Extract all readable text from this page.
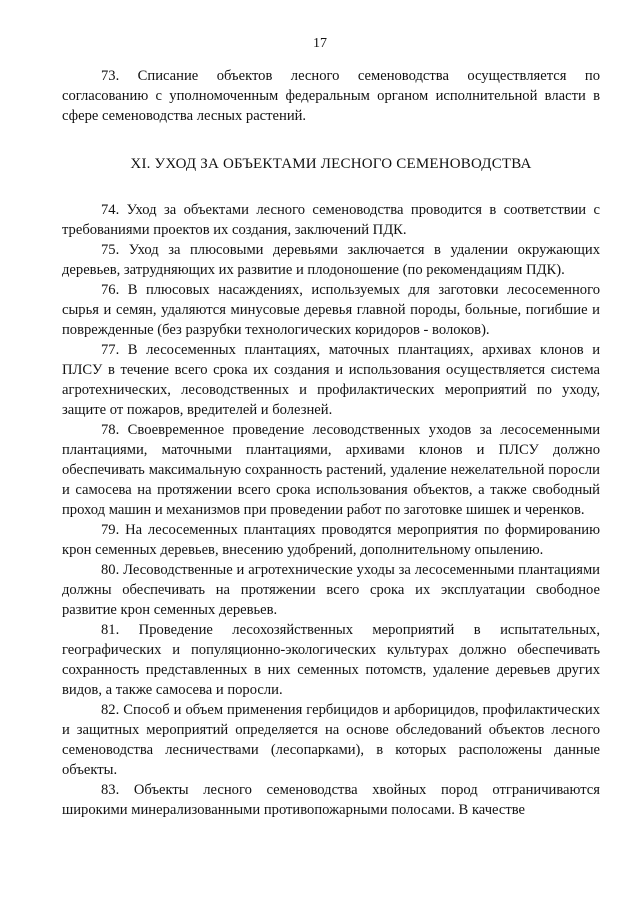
17

73. Списание объектов лесного семеноводства осуществляется по согласованию с уполномоченным федеральным органом исполнительной власти в сфере семеноводства лесных растений.

XI. УХОД ЗА ОБЪЕКТАМИ ЛЕСНОГО СЕМЕНОВОДСТВА

74. Уход за объектами лесного семеноводства проводится в соответствии с требованиями проектов их создания, заключений ПДК.

75. Уход за плюсовыми деревьями заключается в удалении окружающих деревьев, затрудняющих их развитие и плодоношение (по рекомендациям ПДК).

76. В плюсовых насаждениях, используемых для заготовки лесосеменного сырья и семян, удаляются минусовые деревья главной породы, больные, погибшие и поврежденные (без разрубки технологических коридоров - волоков).

77. В лесосеменных плантациях, маточных плантациях, архивах клонов и ПЛСУ в течение всего срока их создания и использования осуществляется система агротехнических, лесоводственных и профилактических мероприятий по уходу, защите от пожаров, вредителей и болезней.

78. Своевременное проведение лесоводственных уходов за лесосеменными плантациями, маточными плантациями, архивами клонов и ПЛСУ должно обеспечивать максимальную сохранность растений, удаление нежелательной поросли и самосева на протяжении всего срока использования объектов, а также свободный проход машин и механизмов при проведении работ по заготовке шишек и черенков.

79. На лесосеменных плантациях проводятся мероприятия по формированию крон семенных деревьев, внесению удобрений, дополнительному опылению.

80. Лесоводственные и агротехнические уходы за лесосеменными плантациями должны обеспечивать на протяжении всего срока их эксплуатации свободное развитие крон семенных деревьев.

81. Проведение лесохозяйственных мероприятий в испытательных, географических и популяционно-экологических культурах должно обеспечивать сохранность представленных в них семенных потомств, удаление деревьев других видов, а также самосева и поросли.

82. Способ и объем применения гербицидов и арборицидов, профилактических и защитных мероприятий определяется на основе обследований объектов лесного семеноводства лесничествами (лесопарками), в которых расположены данные объекты.

83. Объекты лесного семеноводства хвойных пород отграничиваются широкими минерализованными противопожарными полосами. В качестве
